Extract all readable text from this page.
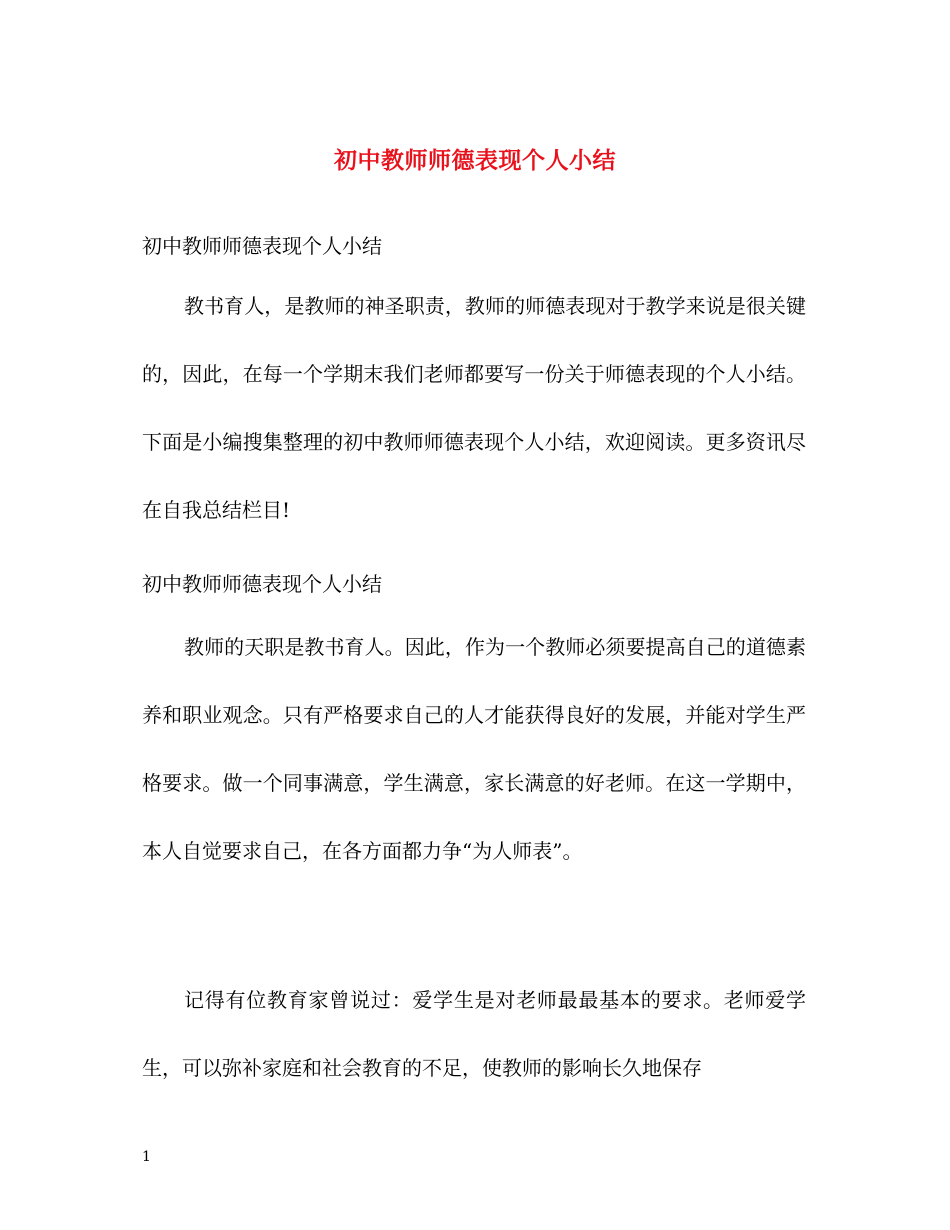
初中教师师德表现个人小结
初中教师师德表现个人小结

教书育人，是教师的神圣职责，教师的师德表现对于教学来说是很关键的，因此，在每一个学期末我们老师都要写一份关于师德表现的个人小结。下面是小编搜集整理的初中教师师德表现个人小结，欢迎阅读。更多资讯尽在自我总结栏目!

初中教师师德表现个人小结

教师的天职是教书育人。因此，作为一个教师必须要提高自己的道德素养和职业观念。只有严格要求自己的人才能获得良好的发展，并能对学生严格要求。做一个同事满意，学生满意，家长满意的好老师。在这一学期中，本人自觉要求自己，在各方面都力争“为人师表”。

记得有位教育家曾说过：爱学生是对老师最最基本的要求。老师爱学生，可以弥补家庭和社会教育的不足，使教师的影响长久地保存

1
